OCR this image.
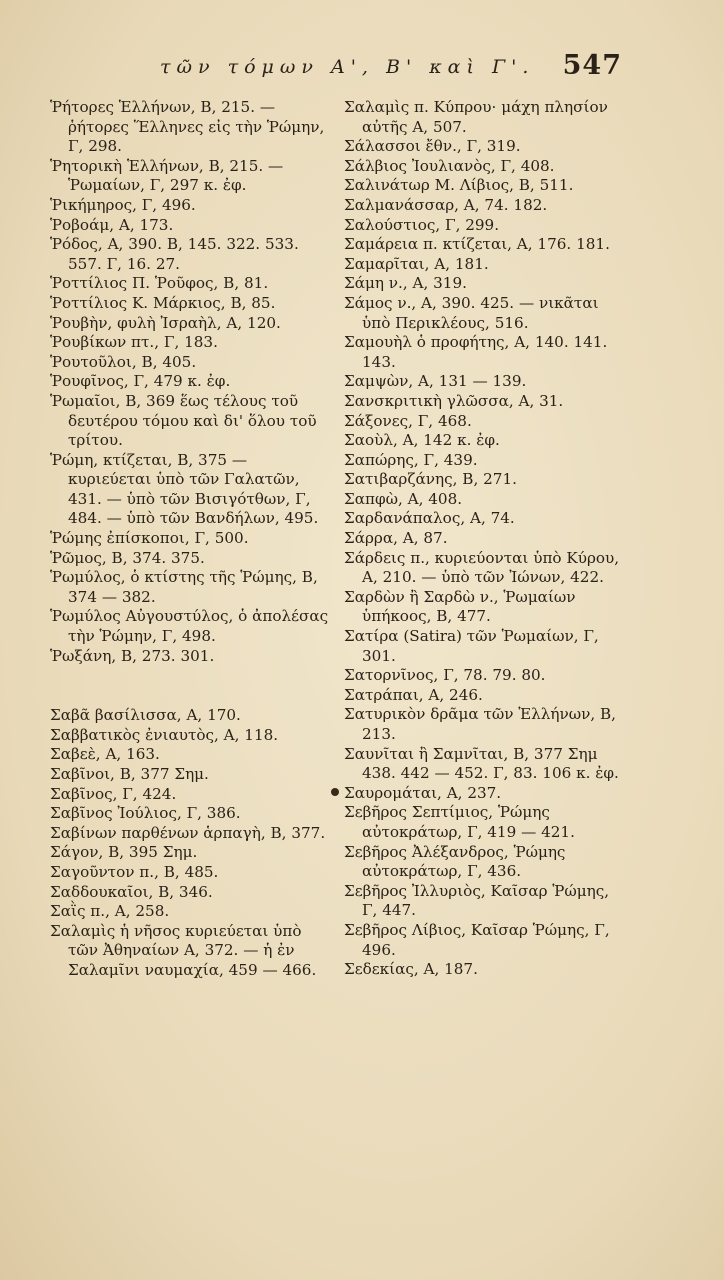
τῶν τόμων Α', Β' καὶ Γ'. 547
Ῥήτορες Ἑλλήνων, Β, 215. — ῥήτορες Ἕλληνες εἰς τὴν Ῥώμην, Γ, 298.
Ῥητορικὴ Ἑλλήνων, Β, 215. — Ῥωμαίων, Γ, 297 κ. ἐφ.
Ῥικήμηρος, Γ, 496.
Ῥοβοάμ, Α, 173.
Ῥόδος, Α, 390. Β, 145. 322. 533. 557. Γ, 16. 27.
Ῥοττίλιος Π. Ῥοῦφος, Β, 81.
Ῥοττίλιος Κ. Μάρκιος, Β, 85.
Ῥουβὴν, φυλὴ Ἰσραὴλ, Α, 120.
Ῥουβίκων πτ., Γ, 183.
Ῥουτοῦλοι, Β, 405.
Ῥουφῖνος, Γ, 479 κ. ἐφ.
Ῥωμαῖοι, Β, 369 ἕως τέλους τοῦ δευτέρου τόμου καὶ δι' ὅλου τοῦ τρίτου.
Ῥώμη, κτίζεται, Β, 375 — κυριεύεται ὑπὸ τῶν Γαλατῶν, 431. — ὑπὸ τῶν Βισιγότθων, Γ, 484. — ὑπὸ τῶν Βανδήλων, 495.
Ῥώμης ἐπίσκοποι, Γ, 500.
Ῥῶμος, Β, 374. 375.
Ῥωμύλος, ὁ κτίστης τῆς Ῥώμης, Β, 374 — 382.
Ῥωμύλος Αὐγουστύλος, ὁ ἀπολέσας τὴν Ῥώμην, Γ, 498.
Ῥωξάνη, Β, 273. 301.
Σαβᾶ βασίλισσα, Α, 170.
Σαββατικὸς ἐνιαυτὸς, Α, 118.
Σαβεὲ, Α, 163.
Σαβῖνοι, Β, 377 Σημ.
Σαβῖνος, Γ, 424.
Σαβῖνος Ἰούλιος, Γ, 386.
Σαβίνων παρθένων ἁρπαγὴ, Β, 377.
Σάγον, Β, 395 Σημ.
Σαγοῦντον π., Β, 485.
Σαδδουκαῖοι, Β, 346.
Σαῒς π., Α, 258.
Σαλαμὶς ἡ νῆσος κυριεύεται ὑπὸ τῶν Ἀθηναίων Α, 372. — ἡ ἐν Σαλαμῖνι ναυμαχία, 459 — 466.
Σαλαμὶς π. Κύπρου· μάχη πλησίον αὐτῆς Α, 507.
Σάλασσοι ἔθν., Γ, 319.
Σάλβιος Ἰουλιανὸς, Γ, 408.
Σαλινάτωρ Μ. Λίβιος, Β, 511.
Σαλμανάσσαρ, Α, 74. 182.
Σαλούστιος, Γ, 299.
Σαμάρεια π. κτίζεται, Α, 176. 181.
Σαμαρῖται, Α, 181.
Σάμη ν., Α, 319.
Σάμος ν., Α, 390. 425. — νικᾶται ὑπὸ Περικλέους, 516.
Σαμουὴλ ὁ προφήτης, Α, 140. 141. 143.
Σαμψὼν, Α, 131 — 139.
Σανσκριτικὴ γλῶσσα, Α, 31.
Σάξονες, Γ, 468.
Σαοὺλ, Α, 142 κ. ἐφ.
Σαπώρης, Γ, 439.
Σατιβαρζάνης, Β, 271.
Σαπφὼ, Α, 408.
Σαρδανάπαλος, Α, 74.
Σάρρα, Α, 87.
Σάρδεις π., κυριεύονται ὑπὸ Κύρου, Α, 210. — ὑπὸ τῶν Ἰώνων, 422.
Σαρδὼν ἢ Σαρδὼ ν., Ῥωμαίων ὑπήκοος, Β, 477.
Σατίρα (Satira) τῶν Ῥωμαίων, Γ, 301.
Σατορνῖνος, Γ, 78. 79. 80.
Σατράπαι, Α, 246.
Σατυρικὸν δρᾶμα τῶν Ἑλλήνων, Β, 213.
Σαυνῖται ἢ Σαμνῖται, Β, 377 Σημ 438. 442 — 452. Γ, 83. 106 κ. ἐφ.
Σαυρομάται, Α, 237.
Σεβῆρος Σεπτίμιος, Ῥώμης αὐτοκράτωρ, Γ, 419 — 421.
Σεβῆρος Ἀλέξανδρος, Ῥώμης αὐτοκράτωρ, Γ, 436.
Σεβῆρος Ἰλλυριὸς, Καῖσαρ Ῥώμης, Γ, 447.
Σεβῆρος Λίβιος, Καῖσαρ Ῥώμης, Γ, 496.
Σεδεκίας, Α, 187.
